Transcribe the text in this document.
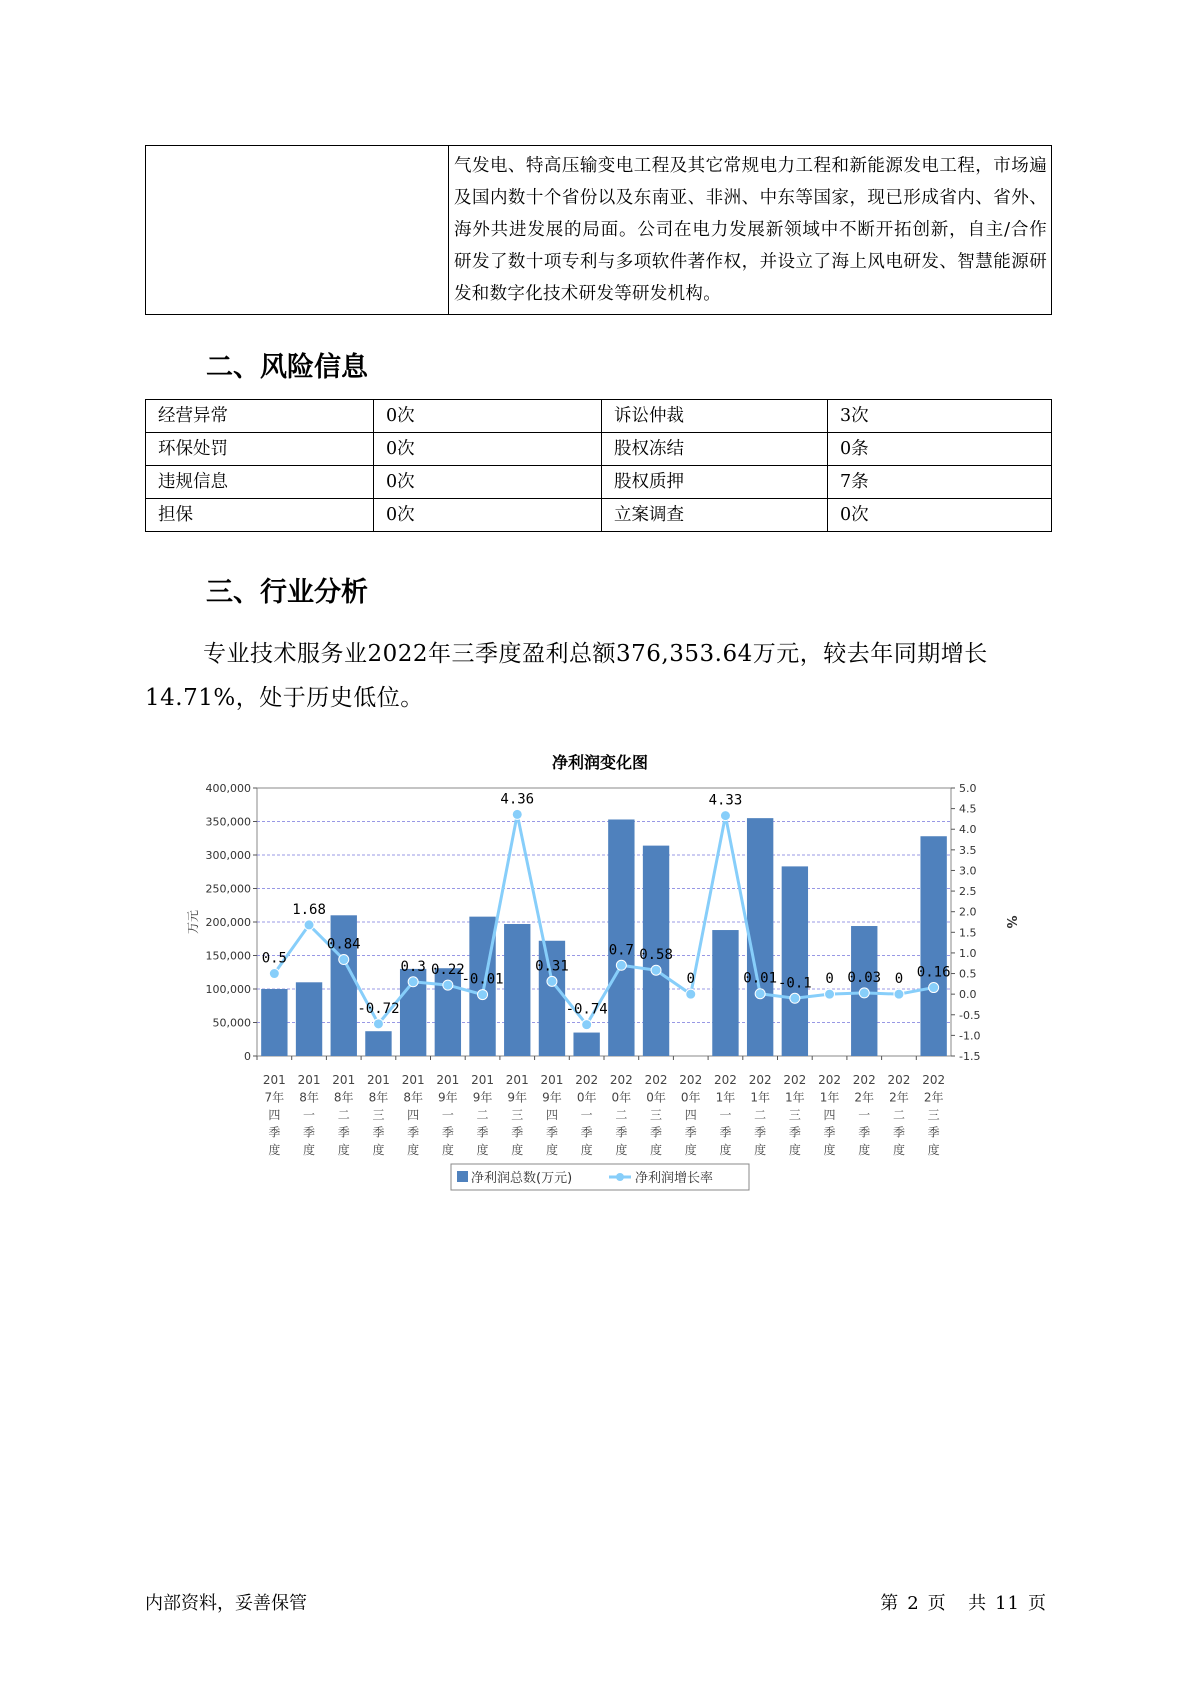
气发电、特高压输变电工程及其它常规电力工程和新能源发电工程，市场遍及国内数十个省份以及东南亚、非洲、中东等国家，现已形成省内、省外、海外共进发展的局面。公司在电力发展新领域中不断开拓创新，自主/合作研发了数十项专利与多项软件著作权，并设立了海上风电研发、智慧能源研发和数字化技术研发等研发机构。
二、风险信息
经营异常	0次	诉讼仲裁	3次
环保处罚	0次	股权冻结	0条
违规信息	0次	股权质押	7条
担保	0次	立案调查	0次
三、行业分析
专业技术服务业2022年三季度盈利总额376,353.64万元，较去年同期增长14.71%，处于历史低位。
净利润变化图
0
50,000
100,000
150,000
200,000
250,000
300,000
350,000
400,000
-1.5
-1.0
-0.5
0.0
0.5
1.0
1.5
2.0
2.5
3.0
3.5
4.0
4.5
5.0
万元	%
0.5
1.68
0.84
-0.72
0.3 0.22
-0.01
4.36
0.31
-0.74
0.7 0.58
0
4.33
0.01 -0.1 0 0.03 0 0.16
201 7年四季度
201 8年一季度
201 8年二季度
201 8年三季度
201 8年四季度
201 9年一季度
201 9年二季度
201 9年三季度
201 9年四季度
202 0年一季度
202 0年二季度
202 0年三季度
202 0年四季度
202 1年一季度
202 1年二季度
202 1年三季度
202 1年四季度
202 2年一季度
202 2年二季度
202 2年三季度
净利润总数(万元)	净利润增长率
内部资料，妥善保管	第 2 页 共 11 页
